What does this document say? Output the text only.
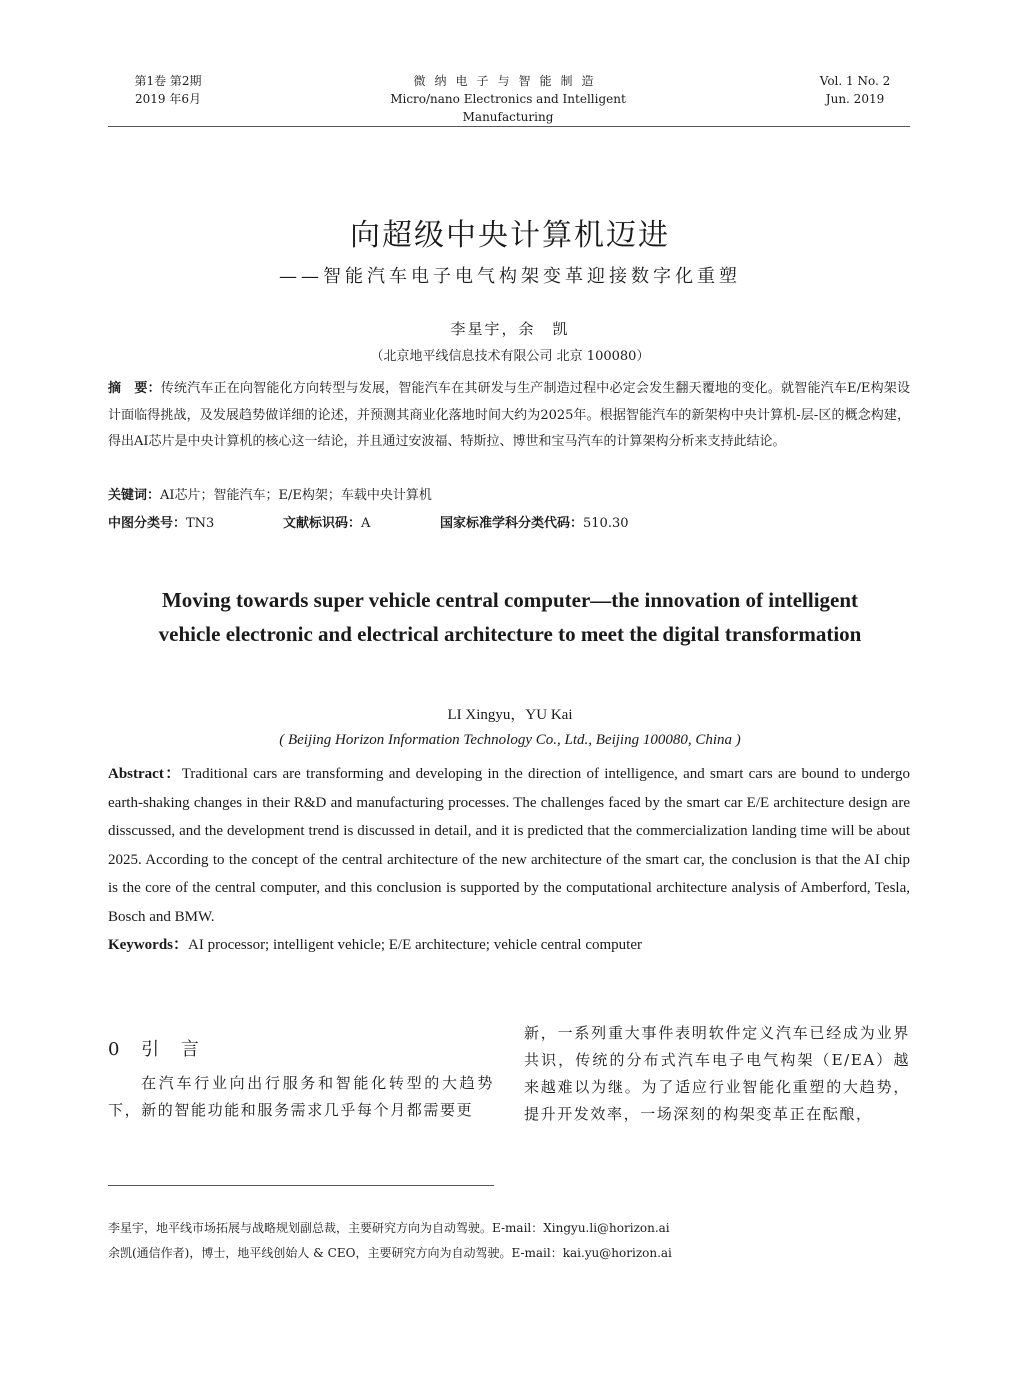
第1卷 第2期
2019 年6月
微纳电子与智能制造
Micro/nano Electronics and Intelligent Manufacturing
Vol. 1 No. 2
Jun. 2019
向超级中央计算机迈进
——智能汽车电子电气构架变革迎接数字化重塑
李星宇，余　凯
（北京地平线信息技术有限公司 北京 100080）
摘　要：传统汽车正在向智能化方向转型与发展，智能汽车在其研发与生产制造过程中必定会发生翻天覆地的变化。就智能汽车E/E构架设计面临得挑战，及发展趋势做详细的论述，并预测其商业化落地时间大约为2025年。根据智能汽车的新架构中央计算机-层-区的概念构建，得出AI芯片是中央计算机的核心这一结论，并且通过安波福、特斯拉、博世和宝马汽车的计算架构分析来支持此结论。
关键词：AI芯片；智能汽车；E/E构架；车载中央计算机
中图分类号：TN3	文献标识码：A	国家标准学科分类代码：510.30
Moving towards super vehicle central computer—the innovation of intelligent vehicle electronic and electrical architecture to meet the digital transformation
LI Xingyu，YU Kai
( Beijing Horizon Information Technology Co., Ltd., Beijing 100080, China )
Abstract：Traditional cars are transforming and developing in the direction of intelligence, and smart cars are bound to undergo earth-shaking changes in their R&D and manufacturing processes. The challenges faced by the smart car E/E architecture design are disscussed, and the development trend is discussed in detail, and it is predicted that the commercialization landing time will be about 2025. According to the concept of the central architecture of the new architecture of the smart car, the conclusion is that the AI chip is the core of the central computer, and this conclusion is supported by the computational architecture analysis of Amberford, Tesla, Bosch and BMW.
Keywords：AI processor; intelligent vehicle; E/E architecture; vehicle central computer
0 引 言
在汽车行业向出行服务和智能化转型的大趋势下，新的智能功能和服务需求几乎每个月都需要更
新，一系列重大事件表明软件定义汽车已经成为业界共识，传统的分布式汽车电子电气构架（E/EA）越来越难以为继。为了适应行业智能化重塑的大趋势，提升开发效率，一场深刻的构架变革正在酝酿，
李星宇，地平线市场拓展与战略规划副总裁，主要研究方向为自动驾驶。E-mail：Xingyu.li@horizon.ai
余凯(通信作者)，博士，地平线创始人 & CEO，主要研究方向为自动驾驶。E-mail：kai.yu@horizon.ai
